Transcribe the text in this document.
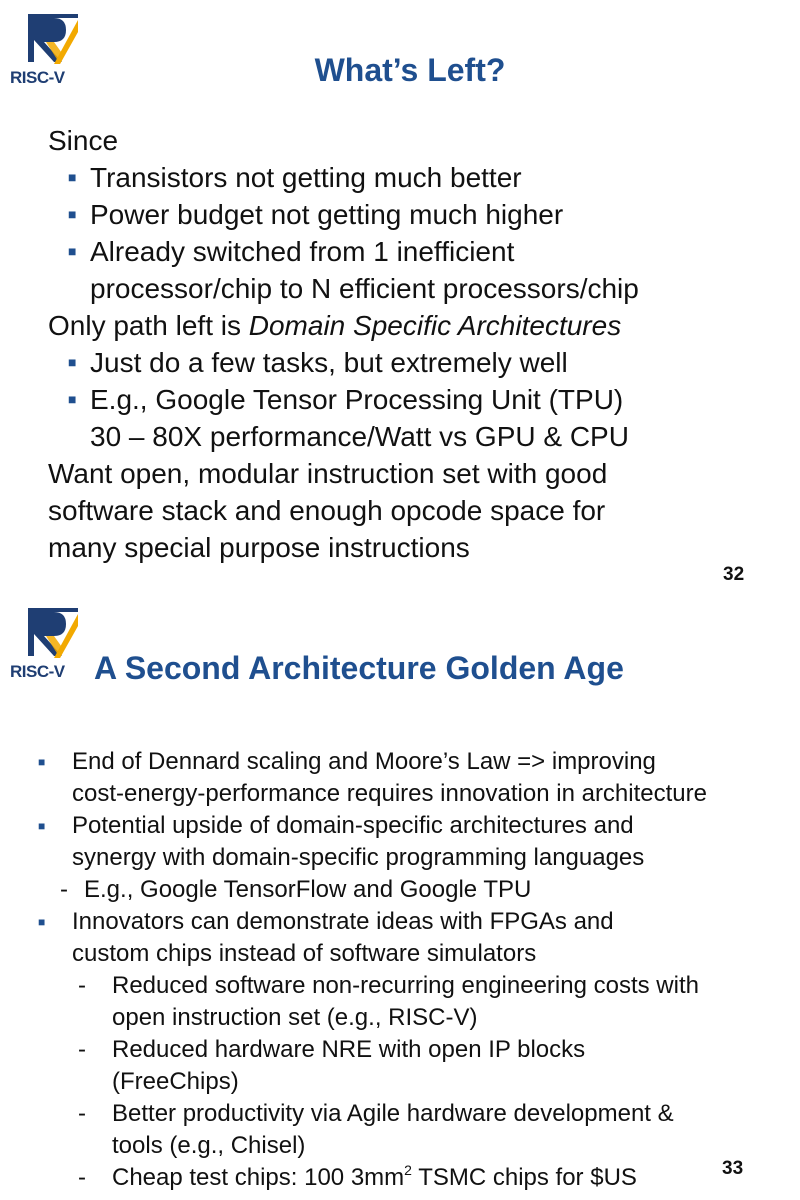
RISC-V	What’s Left?
Since
■ Transistors not getting much better
■ Power budget not getting much higher
■ Already switched from 1 inefficient
processor/chip to N efficient processors/chip
Only path left is Domain Specific Architectures
■ Just do a few tasks, but extremely well
■ E.g., Google Tensor Processing Unit (TPU)
30 – 80X performance/Watt vs GPU & CPU
Want open, modular instruction set with good
software stack and enough opcode space for
many special purpose instructions
32
RISC-V A Second Architecture Golden Age
■ End of Dennard scaling and Moore’s Law => improving
cost-energy-performance requires innovation in architecture
■ Potential upside of domain-specific architectures and
synergy with domain-specific programming languages
- E.g., Google TensorFlow and Google TPU
■ Innovators can demonstrate ideas with FPGAs and
custom chips instead of software simulators
- Reduced software non-recurring engineering costs with
open instruction set (e.g., RISC-V)
- Reduced hardware NRE with open IP blocks
(FreeChips)
- Better productivity via Agile hardware development &
tools (e.g., Chisel)
- Cheap test chips: 100 $3mm^2$ TSMC chips for $US	33
